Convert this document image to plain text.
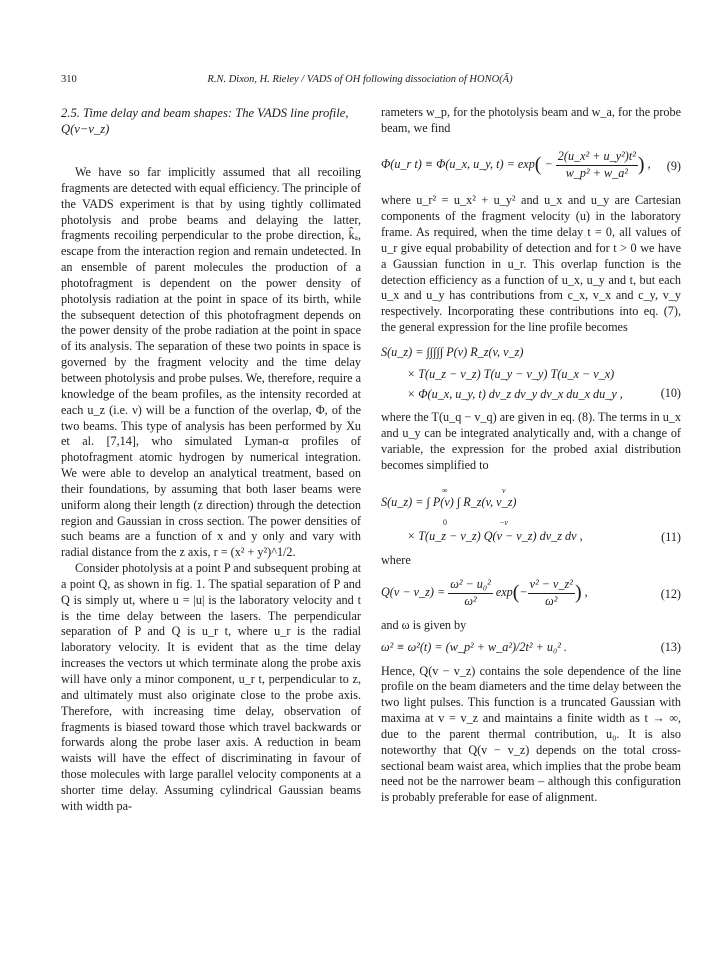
310	R.N. Dixon, H. Rieley / VADS of OH following dissociation of HONO(Ã)

2.5. Time delay and beam shapes: The VADS line profile, Q(v−v_z)

We have so far implicitly assumed that all recoiling fragments are detected with equal efficiency. The principle of the VADS experiment is that by using tightly collimated photolysis and probe beams and delaying the latter, fragments recoiling perpendicular to the probe direction, k̂ₐ, escape from the interaction region and remain undetected. In an ensemble of parent molecules the production of a photofragment is dependent on the power density of photolysis radiation at the point in space of its birth, while the subsequent detection of this photofragment depends on the power density of the probe radiation at the point in space of its analysis. The separation of these two points in space is governed by the fragment velocity and the time delay between photolysis and probe pulses. We, therefore, require a knowledge of the beam profiles, as the intensity recorded at each u_z (i.e. ν) will be a function of the overlap, Φ, of the two beams. This type of analysis has been performed by Xu et al. [7,14], who simulated Lyman-α profiles of photofragment atomic hydrogen by numerical integration. We were able to develop an analytical treatment, based on their foundations, by assuming that both laser beams were uniform along their length (z direction) through the detection region and Gaussian in cross section. The power densities of such beams are a function of x and y only and vary with radial distance from the z axis, r = (x² + y²)^1/2.

Consider photolysis at a point P and subsequent probing at a point Q, as shown in fig. 1. The spatial separation of P and Q is simply ut, where u = |u| is the laboratory velocity and t is the time delay between the lasers. The perpendicular separation of P and Q is u_r t, where u_r is the radial laboratory velocity. It is evident that as the time delay increases the vectors ut which terminate along the probe axis will have only a minor component, u_r t, perpendicular to z, and ultimately must also originate close to the probe axis. Therefore, with increasing time delay, observation of fragments is biased toward those which travel backwards or forwards along the probe laser axis. A reduction in beam waists will have the effect of discriminating in favour of those molecules with large parallel velocity components at a shorter time delay. Assuming cylindrical Gaussian beams with width pa-

rameters w_p, for the photolysis beam and w_a, for the probe beam, we find

Φ(u_r t) ≡ Φ(u_x, u_y, $t) = \exp( - \frac{\text{2(u\_x² + u\_y²)t²}}{\text{w\_p² + w\_a²}}$ ) , (9)

where u_r² = u_x² + u_y² and u_x and u_y are Cartesian components of the fragment velocity (u) in the laboratory frame. As required, when the time delay t = 0, all values of u_r give equal probability of detection and for t > 0 we have a Gaussian function in u_r. This overlap function is the detection efficiency as a function of u_x, u_y and t, but each u_x and u_y has contributions from c_x, v_x and c_y, v_y respectively. Incorporating these contributions into eq. (7), the general expression for the line profile becomes

S(u_z) = ∫∫∫∫∫ P(v) R_z(v, v_z)
× T(u_z − v_z) T(u_y − v_y) T(u_x − v_x)
× Φ(u_x, u_y, t) dv_z dv_y dv_x du_x du_y ,	(10)

where the T(u_q − v_q) are given in eq. (8). The terms in u_x and u_y can be integrated analytically and, with a change of variable, the expression for the probed axial distribution becomes simplified to

∞
0
v
−v
S(u_z) = ∫ P(v) ∫ R_z(v, v_z)
× T(u_z − v_z) Q(v − v_z) dv_z dv ,	(11)

where

Q(v − v_z) = $\frac{\text{ω² − u₀²}}{\text{ω²}} \exp(- \frac{\text{v² − v\_z²}}{\text{ω²}}$ ) ,	(12)

and ω is given by

ω² ≡ ω²(t) = (w_p² + w_a²)/2t² + u₀² .	(13)

Hence, Q(v − v_z) contains the sole dependence of the line profile on the beam diameters and the time delay between the two light pulses. This function is a truncated Gaussian with maxima at v = v_z and maintains a finite width as t → ∞, due to the parent thermal contribution, u₀. It is also noteworthy that Q(v − v_z) depends on the total cross-sectional beam waist area, which implies that the probe beam need not be the narrower beam – although this configuration is probably preferable for ease of alignment.
